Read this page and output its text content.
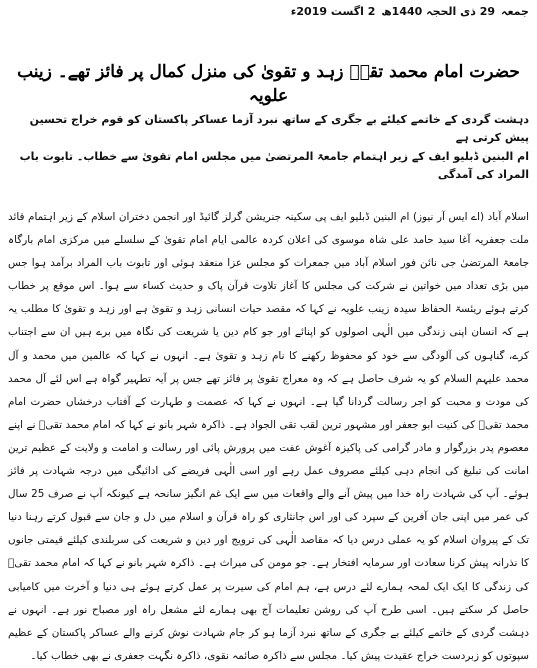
جمعہ
29 ذی الحجہ 1440ھ
2 اگست 2019ء
حضرت امام محمد تقیؑ زہد و تقویٰ کی منزل کمال پر فائز تھے۔ زینب علویہ
دہشت گردی کے خاتمے کیلئے بے جگری کے ساتھ نبرد آزما عساکر پاکستان کو قوم خراج تحسین پیش کرتی ہے
ام البنین ڈبلیو ایف کے زیر اہتمام جامعۃ المرتضیٰ میں مجلس امام تقویٰ سے خطاب۔ تابوت باب المراد کی آمدگی

اسلام آباد (اے ایس آر نیوز) ام البنین ڈبلیو ایف پی سکینہ جنریشن گرلز گائیڈ اور انجمن دختران اسلام کے زیر اہتمام قائد ملت جعفریہ آغا سید حامد علی شاہ موسوی کی اعلان کردہ عالمی ایام امام تقویٰ کے سلسلے میں مرکزی امام بارگاہ جامعۃ المرتضیٰ جی نائن فور اسلام آباد میں جمعرات کو مجلس عزا منعقد ہوئی اور تابوت باب المراد برآمد ہوا جس میں بڑی تعداد میں خواتین نے شرکت کی مجلس کا آغاز تلاوت قرآن پاک و حدیث کساء سے ہوا۔ اس موقع پر خطاب کرتے ہوئے ریئسۃ الحفاظ سیدہ زینب علویہ نے کہا کہ مقصد حیات انسانی زہد و تقویٰ ہے اور زہد و تقویٰ کا مطلب یہ ہے کہ انسان اپنی زندگی میں الٰہی اصولوں کو اپنائے اور جو کام دین یا شریعت کی نگاہ میں برے ہیں ان سے اجتناب کرے، گناہوں کی آلودگی سے خود کو محفوظ رکھنے کا نام زہد و تقویٰ ہے۔ انہوں نے کہا کہ عالمین میں محمد و آل محمد علیہم السلام کو یہ شرف حاصل ہے کہ وہ معراج تقویٰ پر فائز تھے جس پر آیہ تطہیر گواہ ہے اس لئے آل محمد کی مودت و محبت کو اجر رسالت گردانا گیا ہے۔ انہوں نے کہا کہ عصمت و طہارت کے آفتاب درخشاں حضرت امام محمد تقیؑ کی کنیت ابو جعفر اور مشہور ترین لقب تقی الجواد ہے۔ ذاکرہ شہر بانو نے کہا کہ امام محمد تقیؑ نے اپنے معصوم پدر بزرگوار و مادر گرامی کی پاکیزہ آغوش عفت میں پرورش پائی اور رسالت و امامت و ولایت کے عظیم ترین امانت کی تبلیغ کی انجام دہی کیلئے مصروف عمل رہے اور اسی الٰہی فریضے کی ادائیگی میں درجہ شہادت پر فائز ہوئے۔ آپ کی شہادت راہ خدا میں پیش آنے والے واقعات میں سے ایک غم انگیز سانحہ ہے کیونکہ آپ نے صرف 25 سال کی عمر میں اپنی جان آفرین کے سپرد کی اور اس جانثاری کو راہ قرآن و اسلام میں دل و جان سے قبول کرتے رہنا دنیا تک کے پیروان اسلام کو یہ عملی درس دیا کہ مقاصد الٰہی کی ترویج اور دین و شریعت کی سربلندی کیلئے قیمتی جانوں کا نذرانہ پیش کرنا سعادت اور سرمایہ افتخار ہے۔ جو مومن کی میراث ہے۔ ذاکرہ شہر بانو نے کہا کہ امام محمد تقیؑ کی زندگی کا ایک ایک لمحہ ہمارے لئے درس ہے، ہم امام کی سیرت پر عمل کرتے ہوئے ہی دنیا و آخرت میں کامیابی حاصل کر سکتے ہیں۔ اسی طرح آپ کی روشن تعلیمات آج بھی ہمارے لئے مشعل راہ اور مصباح نور ہے۔ انہوں نے دہشت گردی کے خاتمے کیلئے بے جگری کے ساتھ نبرد آزما ہو کر جام شہادت نوش کرنے والے عساکر پاکستان کے عظیم سپوتوں کو زبردست خراج عقیدت پیش کیا۔ مجلس سے ذاکرہ صائمہ نقوی، ذاکرہ نگہت جعفری نے بھی خطاب کیا۔
